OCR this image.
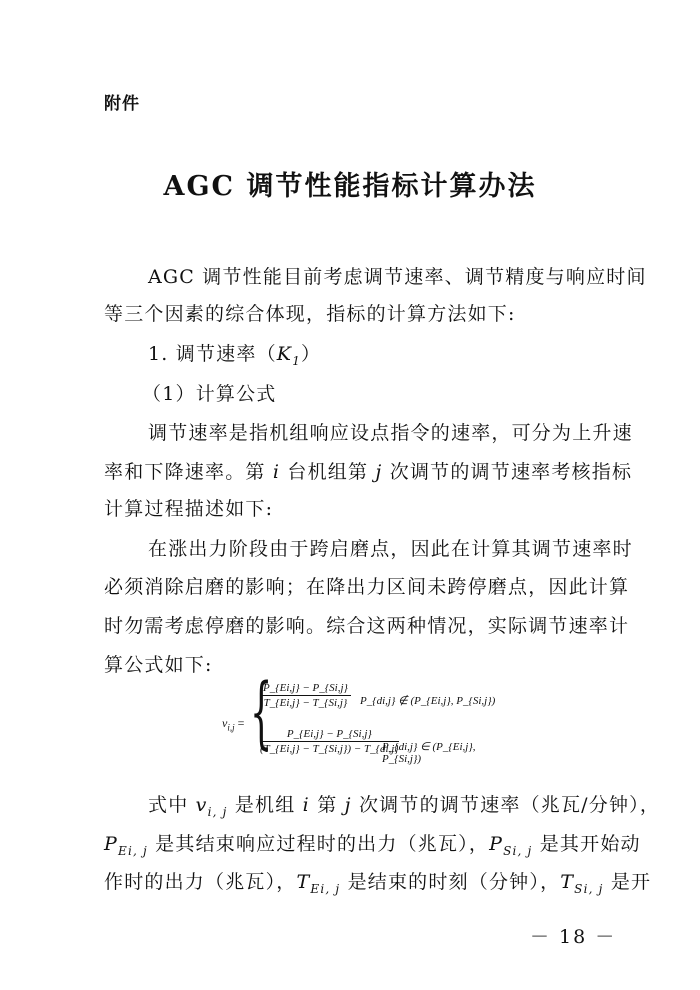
附件
AGC 调节性能指标计算办法
AGC 调节性能目前考虑调节速率、调节精度与响应时间
等三个因素的综合体现，指标的计算方法如下:
1. 调节速率$(K_1)$
（1）计算公式
调节速率是指机组响应设点指令的速率，可分为上升速
率和下降速率。第 i 台机组第 j 次调节的调节速率考核指标
计算过程描述如下:
在涨出力阶段由于跨启磨点，因此在计算其调节速率时
必须消除启磨的影响；在降出力区间未跨停磨点，因此计算
时勿需考虑停磨的影响。综合这两种情况，实际调节速率计
算公式如下:
$v_{i,j}$ = {
$\frac{P\_\{Ei,j\} - P\_\{Si,j\}}{T\_\{Ei,j\} - T\_\{Si,j\}}$ P_{di,j} ∉ (P_{Ei,j}, P_{Si,j})
$\frac{P\_\{Ei,j\} - P\_\{Si,j\}}{(T\_\{Ei,j\} - T\_\{Si,j\}) - T\_\{di,j\}}$
P_{di,j} ∈ (P_{Ei,j}, P_{Si,j})
式中 $v_{i, j}$ 是机组 i 第 j 次调节的调节速率（兆瓦/分钟），
$P_{Ei, j}$ 是其结束响应过程时的出力（兆瓦），$P_{Si, j}$ 是其开始动
作时的出力（兆瓦），$T_{Ei, j}$ 是结束的时刻（分钟），$T_{Si, j}$ 是开
－ 18 －
